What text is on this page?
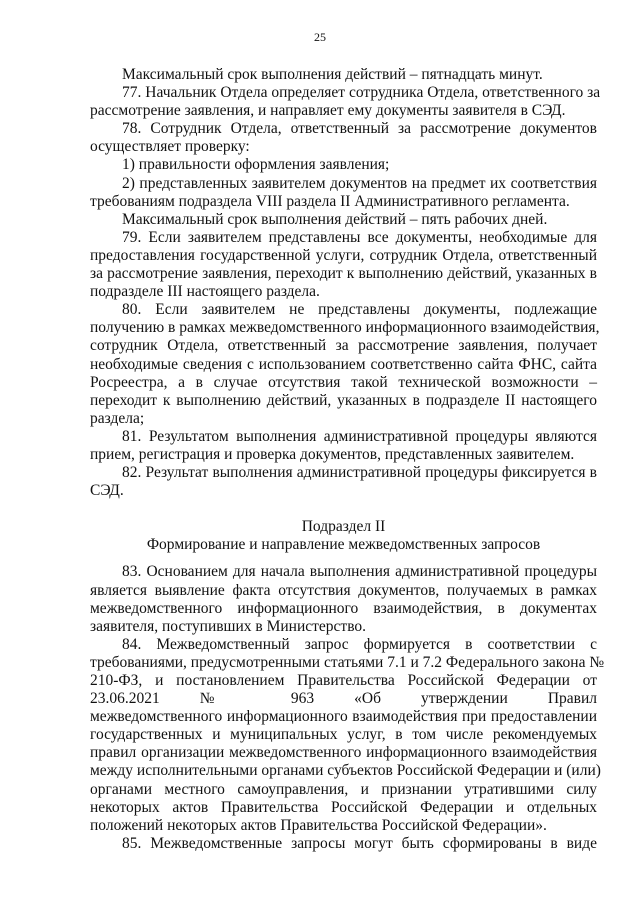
25
Максимальный срок выполнения действий – пятнадцать минут.
77. Начальник Отдела определяет сотрудника Отдела, ответственного за
рассмотрение заявления, и направляет ему документы заявителя в СЭД.
78. Сотрудник Отдела, ответственный за рассмотрение документов
осуществляет проверку:
1) правильности оформления заявления;
2) представленных заявителем документов на предмет их соответствия
требованиям подраздела VIII раздела II Административного регламента.
Максимальный срок выполнения действий – пять рабочих дней.
79. Если заявителем представлены все документы, необходимые для
предоставления государственной услуги, сотрудник Отдела, ответственный
за рассмотрение заявления, переходит к выполнению действий, указанных в
подразделе III настоящего раздела.
80. Если заявителем не представлены документы, подлежащие
получению в рамках межведомственного информационного взаимодействия,
сотрудник Отдела, ответственный за рассмотрение заявления, получает
необходимые сведения с использованием соответственно сайта ФНС, сайта
Росреестра, а в случае отсутствия такой технической возможности –
переходит к выполнению действий, указанных в подразделе II настоящего
раздела;
81. Результатом выполнения административной процедуры являются
прием, регистрация и проверка документов, представленных заявителем.
82. Результат выполнения административной процедуры фиксируется в
СЭД.
Подраздел II
Формирование и направление межведомственных запросов
83. Основанием для начала выполнения административной процедуры
является выявление факта отсутствия документов, получаемых в рамках
межведомственного информационного взаимодействия, в документах
заявителя, поступивших в Министерство.
84. Межведомственный запрос формируется в соответствии с
требованиями, предусмотренными статьями 7.1 и 7.2 Федерального закона №
210-ФЗ, и постановлением Правительства Российской Федерации от
23.06.2021 № 963 «Об утверждении Правил
межведомственного информационного взаимодействия при предоставлении
государственных и муниципальных услуг, в том числе рекомендуемых
правил организации межведомственного информационного взаимодействия
между исполнительными органами субъектов Российской Федерации и (или)
органами местного самоуправления, и признании утратившими силу
некоторых актов Правительства Российской Федерации и отдельных
положений некоторых актов Правительства Российской Федерации».
85. Межведомственные запросы могут быть сформированы в виде
